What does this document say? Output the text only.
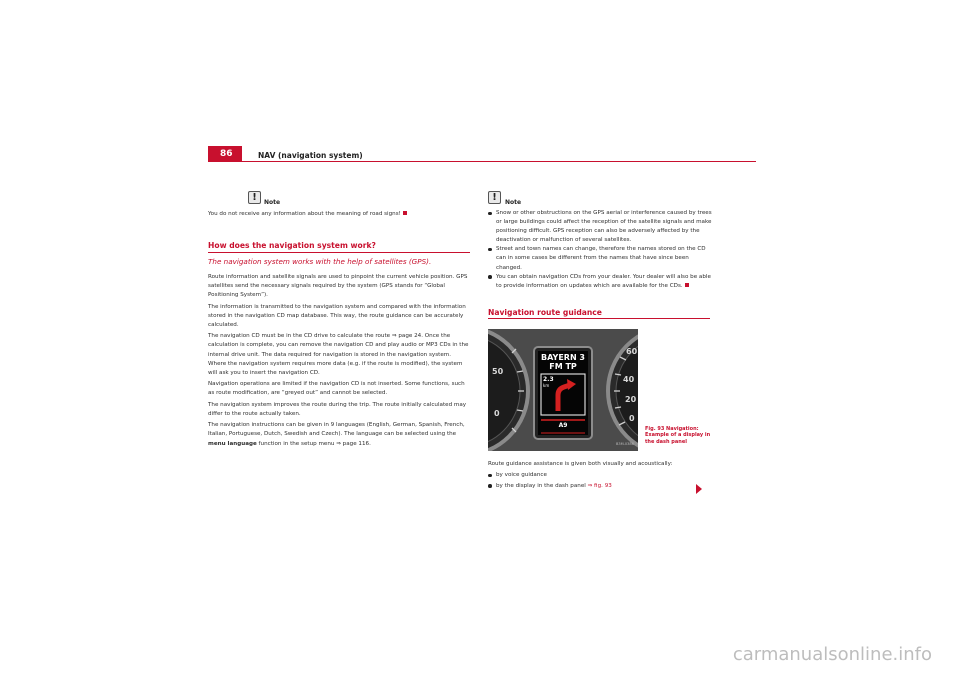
86	NAV (navigation system)
!	Note
You do not receive any information about the meaning of road signs!
How does the navigation system work?
The navigation system works with the help of satellites (GPS).

Route information and satellite signals are used to pinpoint the current vehicle position. GPS satellites send the necessary signals required by the system (GPS stands for “Global Positioning System”).

The information is transmitted to the navigation system and compared with the information stored in the navigation CD map database. This way, the route guidance can be accurately calculated.

The navigation CD must be in the CD drive to calculate the route ⇒ page 24. Once the calculation is complete, you can remove the navigation CD and play audio or MP3 CDs in the internal drive unit. The data required for navigation is stored in the navigation system. Where the navigation system requires more data (e.g. if the route is modified), the system will ask you to insert the navigation CD.

Navigation operations are limited if the navigation CD is not inserted. Some functions, such as route modification, are “greyed out” and cannot be selected.

The navigation system improves the route during the trip. The route initially calculated may differ to the route actually taken.

The navigation instructions can be given in 9 languages (English, German, Spanish, French, Italian, Portuguese, Dutch, Swedish and Czech). The language can be selected using the menu language function in the setup menu ⇒ page 116.

!	Note
Snow or other obstructions on the GPS aerial or interference caused by trees or large buildings could affect the reception of the satellite signals and make positioning difficult. GPS reception can also be adversely affected by the deactivation or malfunction of several satellites.
Street and town names can change, therefore the names stored on the CD can in some cases be different from the names that have since been changed.
You can obtain navigation CDs from your dealer. Your dealer will also be able to provide information on updates which are available for the CDs.
Navigation route guidance
BAYERN 3
FM TP
2.3
km
A9
50
0
60
40
20
0
B3M-0386
Fig. 93 Navigation: Example of a display in the dash panel

Route guidance assistance is given both visually and acoustically:

by voice guidance
by the display in the dash panel ⇒ fig. 93
carmanualsonline.info
